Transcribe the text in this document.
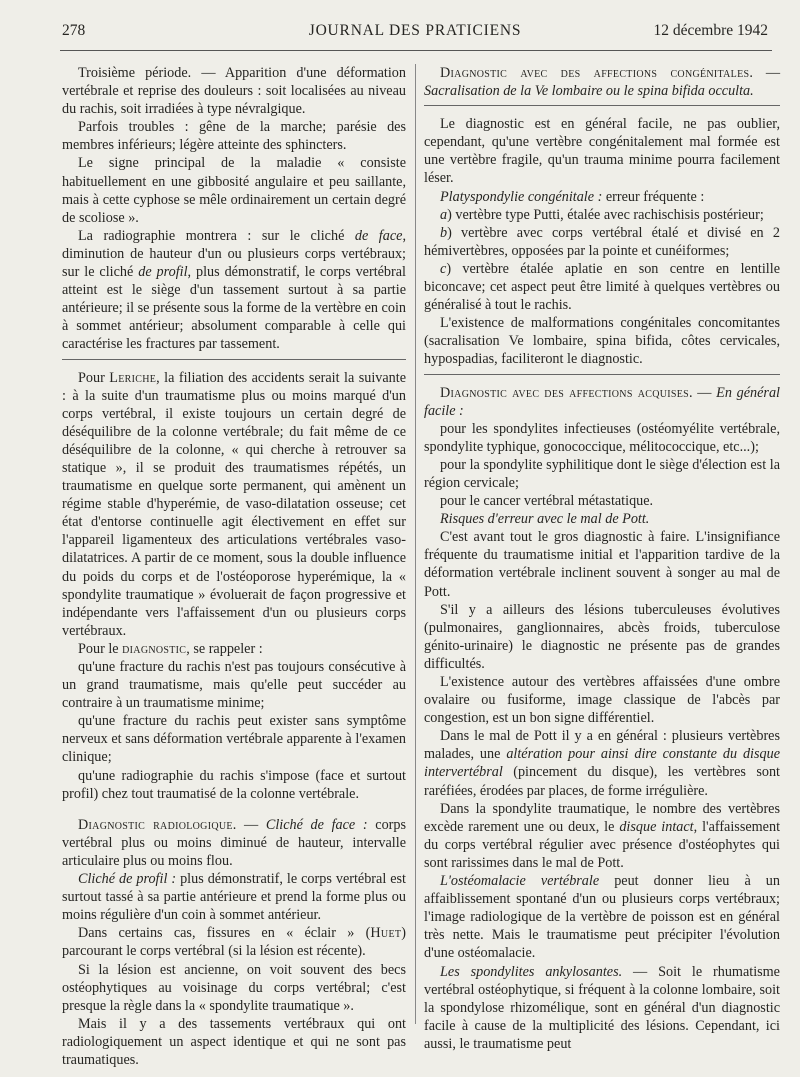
278	JOURNAL DES PRATICIENS	12 décembre 1942

Troisième période. — Apparition d'une déformation vertébrale et reprise des douleurs : soit localisées au niveau du rachis, soit irradiées à type névralgique.

Parfois troubles : gêne de la marche; parésie des membres inférieurs; légère atteinte des sphincters.

Le signe principal de la maladie « consiste habituellement en une gibbosité angulaire et peu saillante, mais à cette cyphose se mêle ordinairement un certain degré de scoliose ».

La radiographie montrera : sur le cliché de face, diminution de hauteur d'un ou plusieurs corps vertébraux; sur le cliché de profil, plus démonstratif, le corps vertébral atteint est le siège d'un tassement surtout à sa partie antérieure; il se présente sous la forme de la vertèbre en coin à sommet antérieur; absolument comparable à celle qui caractérise les fractures par tassement.

Pour Leriche, la filiation des accidents serait la suivante : à la suite d'un traumatisme plus ou moins marqué d'un corps vertébral, il existe toujours un certain degré de déséquilibre de la colonne vertébrale; du fait même de ce déséquilibre de la colonne, « qui cherche à retrouver sa statique », il se produit des traumatismes répétés, un traumatisme en quelque sorte permanent, qui amènent un régime stable d'hyperémie, de vaso-dilatation osseuse; cet état d'entorse continuelle agit électivement en effet sur l'appareil ligamenteux des articulations vertébrales vaso-dilatatrices. A partir de ce moment, sous la double influence du poids du corps et de l'ostéoporose hyperémique, la « spondylite traumatique » évoluerait de façon progressive et indépendante vers l'affaissement d'un ou plusieurs corps vertébraux.

Pour le diagnostic, se rappeler :

qu'une fracture du rachis n'est pas toujours consécutive à un grand traumatisme, mais qu'elle peut succéder au contraire à un traumatisme minime;

qu'une fracture du rachis peut exister sans symptôme nerveux et sans déformation vertébrale apparente à l'examen clinique;

qu'une radiographie du rachis s'impose (face et surtout profil) chez tout traumatisé de la colonne vertébrale.

Diagnostic radiologique. — Cliché de face : corps vertébral plus ou moins diminué de hauteur, intervalle articulaire plus ou moins flou.

Cliché de profil : plus démonstratif, le corps vertébral est surtout tassé à sa partie antérieure et prend la forme plus ou moins régulière d'un coin à sommet antérieur.

Dans certains cas, fissures en « éclair » (Huet) parcourant le corps vertébral (si la lésion est récente).

Si la lésion est ancienne, on voit souvent des becs ostéophytiques au voisinage du corps vertébral; c'est presque la règle dans la « spondylite traumatique ».

Mais il y a des tassements vertébraux qui ont radiologiquement un aspect identique et qui ne sont pas traumatiques.

Diagnostic avec des affections congénitales. — Sacralisation de la Ve lombaire ou le spina bifida occulta.

Le diagnostic est en général facile, ne pas oublier, cependant, qu'une vertèbre congénitalement mal formée est une vertèbre fragile, qu'un trauma minime pourra facilement léser.

Platyspondylie congénitale : erreur fréquente :

a) vertèbre type Putti, étalée avec rachischisis postérieur;

b) vertèbre avec corps vertébral étalé et divisé en 2 hémivertèbres, opposées par la pointe et cunéiformes;

c) vertèbre étalée aplatie en son centre en lentille biconcave; cet aspect peut être limité à quelques vertèbres ou généralisé à tout le rachis.

L'existence de malformations congénitales concomitantes (sacralisation Ve lombaire, spina bifida, côtes cervicales, hypospadias, faciliteront le diagnostic.

Diagnostic avec des affections acquises. — En général facile :

pour les spondylites infectieuses (ostéomyélite vertébrale, spondylite typhique, gonococcique, mélitococcique, etc...);

pour la spondylite syphilitique dont le siège d'élection est la région cervicale;

pour le cancer vertébral métastatique.

Risques d'erreur avec le mal de Pott.

C'est avant tout le gros diagnostic à faire. L'insignifiance fréquente du traumatisme initial et l'apparition tardive de la déformation vertébrale inclinent souvent à songer au mal de Pott.

S'il y a ailleurs des lésions tuberculeuses évolutives (pulmonaires, ganglionnaires, abcès froids, tuberculose génito-urinaire) le diagnostic ne présente pas de grandes difficultés.

L'existence autour des vertèbres affaissées d'une ombre ovalaire ou fusiforme, image classique de l'abcès par congestion, est un bon signe différentiel.

Dans le mal de Pott il y a en général : plusieurs vertèbres malades, une altération pour ainsi dire constante du disque intervertébral (pincement du disque), les vertèbres sont raréfiées, érodées par places, de forme irrégulière.

Dans la spondylite traumatique, le nombre des vertèbres excède rarement une ou deux, le disque intact, l'affaissement du corps vertébral régulier avec présence d'ostéophytes qui sont rarissimes dans le mal de Pott.

L'ostéomalacie vertébrale peut donner lieu à un affaiblissement spontané d'un ou plusieurs corps vertébraux; l'image radiologique de la vertèbre de poisson est en général très nette. Mais le traumatisme peut précipiter l'évolution d'une ostéomalacie.

Les spondylites ankylosantes. — Soit le rhumatisme vertébral ostéophytique, si fréquent à la colonne lombaire, soit la spondylose rhizomélique, sont en général d'un diagnostic facile à cause de la multiplicité des lésions. Cependant, ici aussi, le traumatisme peut
